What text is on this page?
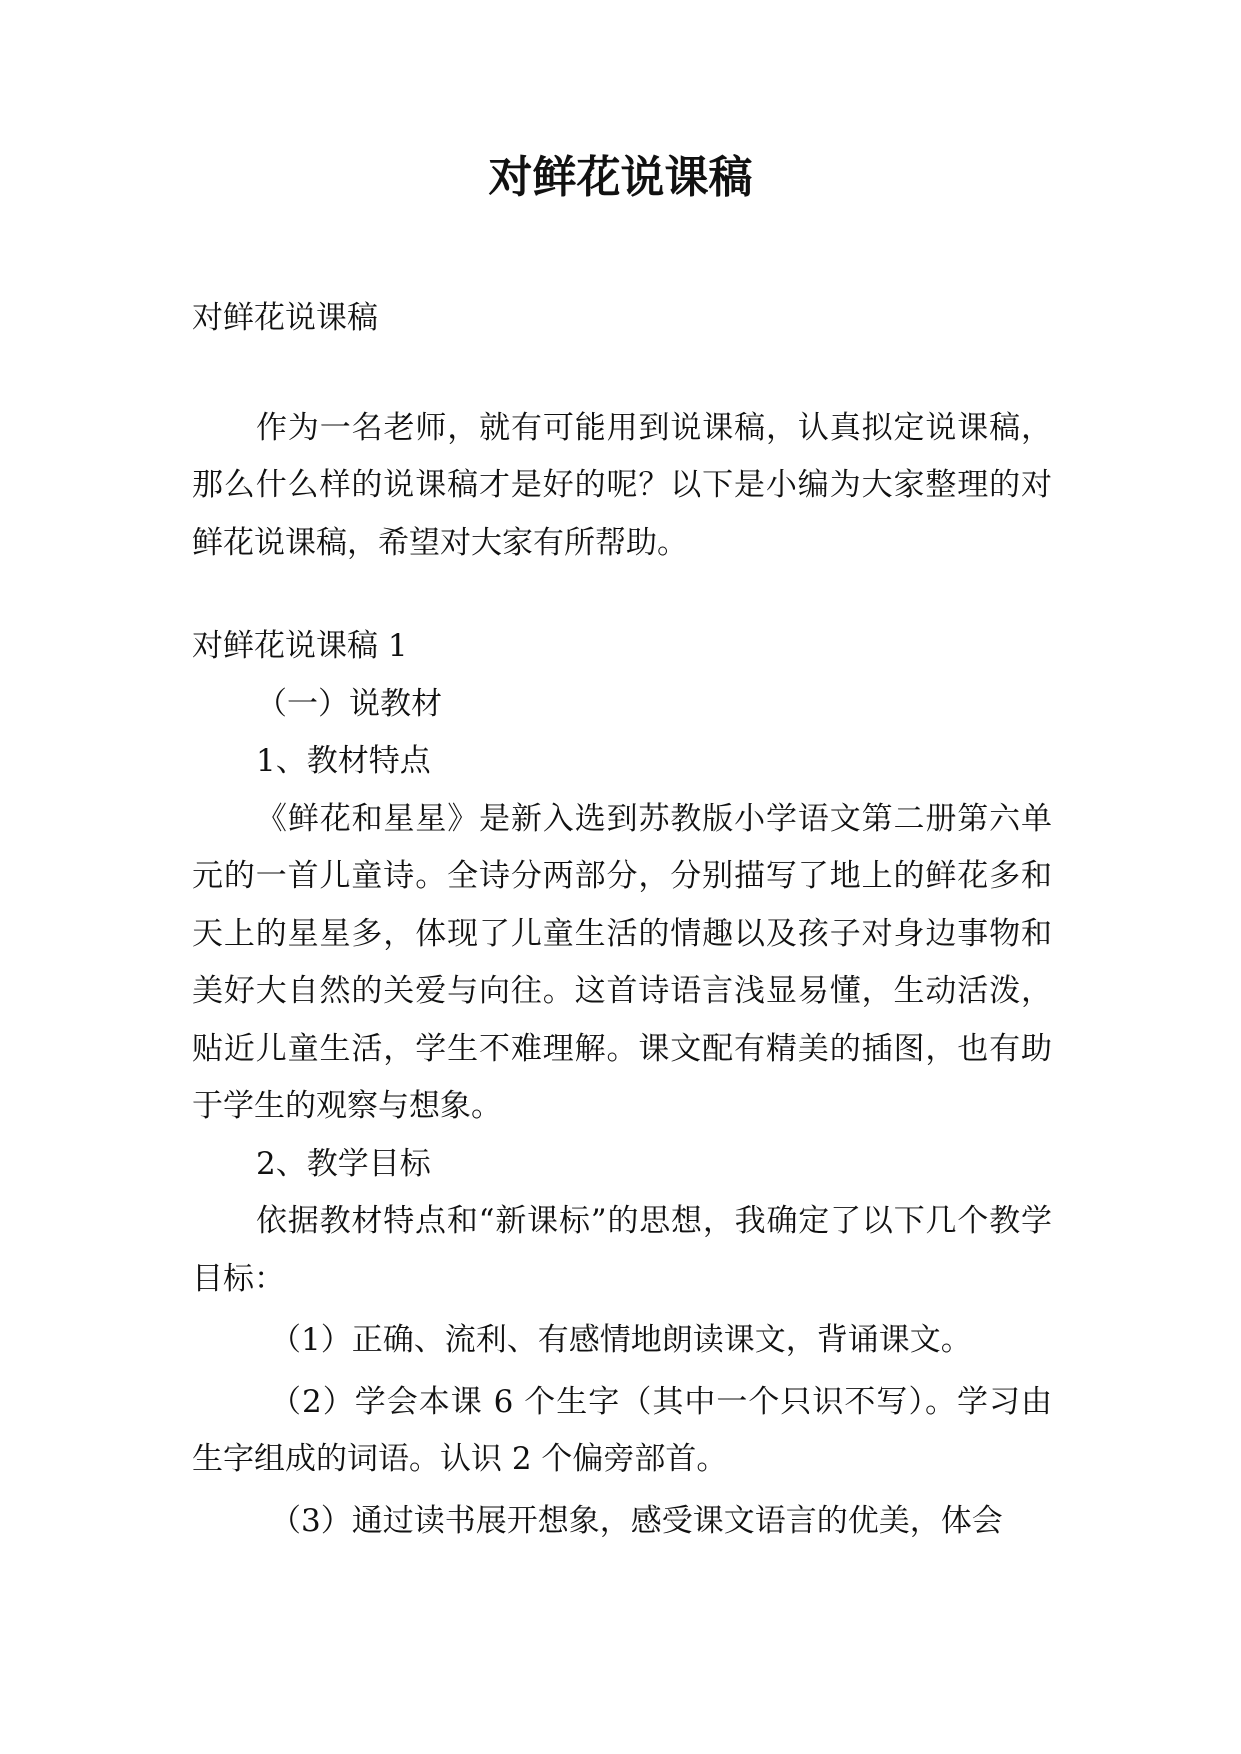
对鲜花说课稿

对鲜花说课稿

作为一名老师，就有可能用到说课稿，认真拟定说课稿，那么什么样的说课稿才是好的呢？以下是小编为大家整理的对鲜花说课稿，希望对大家有所帮助。

对鲜花说课稿 1

（一）说教材

1、教材特点

《鲜花和星星》是新入选到苏教版小学语文第二册第六单元的一首儿童诗。全诗分两部分，分别描写了地上的鲜花多和天上的星星多，体现了儿童生活的情趣以及孩子对身边事物和美好大自然的关爱与向往。这首诗语言浅显易懂，生动活泼，贴近儿童生活，学生不难理解。课文配有精美的插图，也有助于学生的观察与想象。

2、教学目标

依据教材特点和“新课标”的思想，我确定了以下几个教学目标：

（1）正确、流利、有感情地朗读课文，背诵课文。

（2）学会本课 6 个生字（其中一个只识不写）。学习由生字组成的词语。认识 2 个偏旁部首。

（3）通过读书展开想象，感受课文语言的优美，体会
